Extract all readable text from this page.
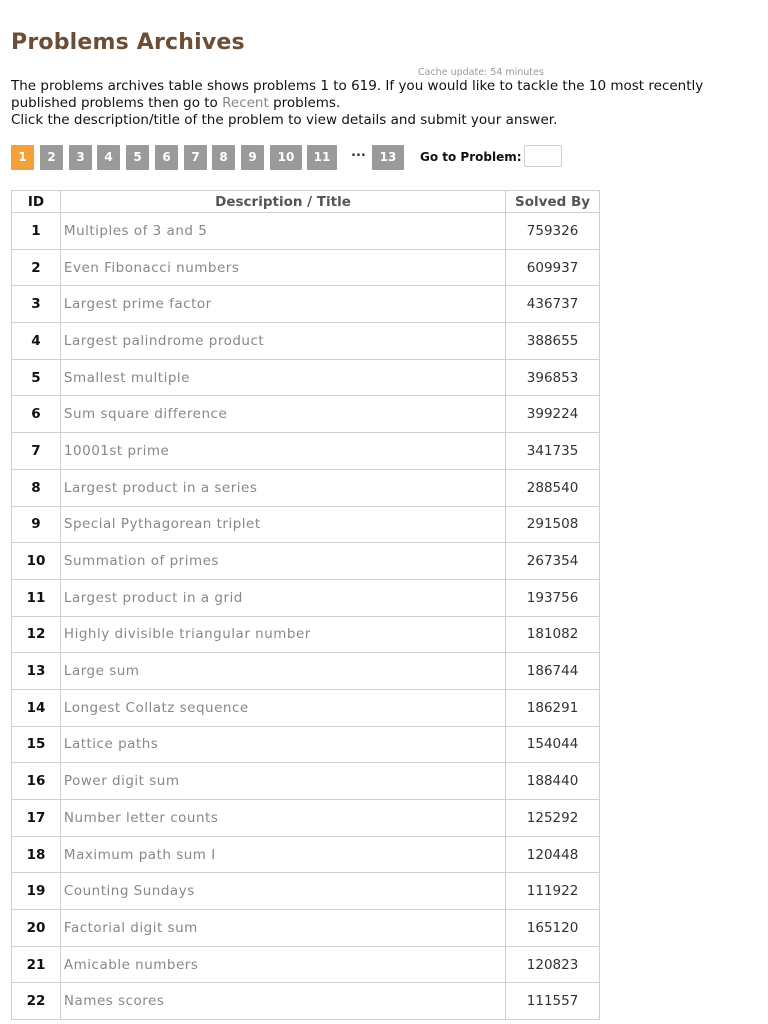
Problems Archives
Cache update: 54 minutes
The problems archives table shows problems 1 to 619. If you would like to tackle the 10 most recently published problems then go to Recent problems.
Click the description/title of the problem to view details and submit your answer.
1	2	3	4	5	6	7	8	9	10	11	...	13	Go to Problem:
ID	Description / Title	Solved By
1	Multiples of 3 and 5	759326
2	Even Fibonacci numbers	609937
3	Largest prime factor	436737
4	Largest palindrome product	388655
5	Smallest multiple	396853
6	Sum square difference	399224
7	10001st prime	341735
8	Largest product in a series	288540
9	Special Pythagorean triplet	291508
10	Summation of primes	267354
11	Largest product in a grid	193756
12	Highly divisible triangular number	181082
13	Large sum	186744
14	Longest Collatz sequence	186291
15	Lattice paths	154044
16	Power digit sum	188440
17	Number letter counts	125292
18	Maximum path sum I	120448
19	Counting Sundays	111922
20	Factorial digit sum	165120
21	Amicable numbers	120823
22	Names scores	111557
